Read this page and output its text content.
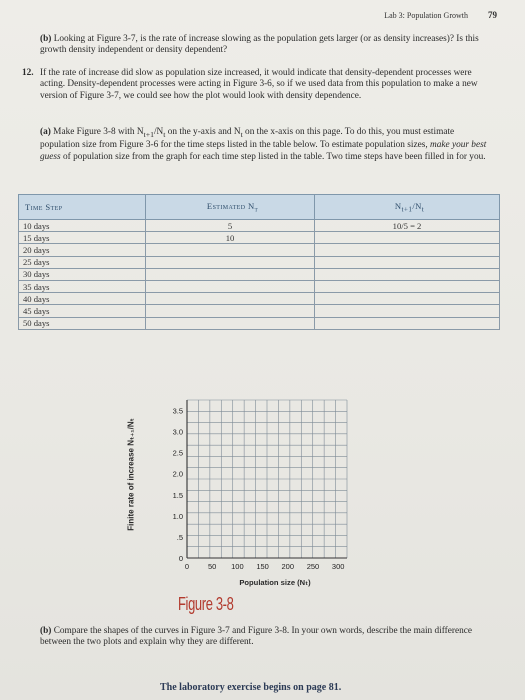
Lab 3: Population Growth 79
(b) Looking at Figure 3-7, is the rate of increase slowing as the population gets larger (or as density increases)? Is this growth density independent or density dependent?
12. If the rate of increase did slow as population size increased, it would indicate that density-dependent processes were acting. Density-dependent processes were acting in Figure 3-6, so if we used data from this population to make a new version of Figure 3-7, we could see how the plot would look with density dependence.
(a) Make Figure 3-8 with $N_{t+1}/N_t$ on the y-axis and $N_t$ on the x-axis on this page. To do this, you must estimate population size from Figure 3-6 for the time steps listed in the table below. To estimate population sizes, make your best guess of population size from the graph for each time step listed in the table. Two time steps have been filled in for you.
Time Step	Estimated $N_t$	$N_{t+1}/N_t$
10 days	5	10/5 = 2
15 days	10	
20 days		
25 days		
30 days		
35 days		
40 days		
45 days		
50 days		
0
.5
1.0
1.5
2.0
2.5
3.0
3.5
0	50 100 150 200 250 300
Finite rate of increase Nₜ₊₁/Nₜ
Population size (Nₜ)
Figure 3-8
(b) Compare the shapes of the curves in Figure 3-7 and Figure 3-8. In your own words, describe the main difference between the two plots and explain why they are different.
The laboratory exercise begins on page 81.
